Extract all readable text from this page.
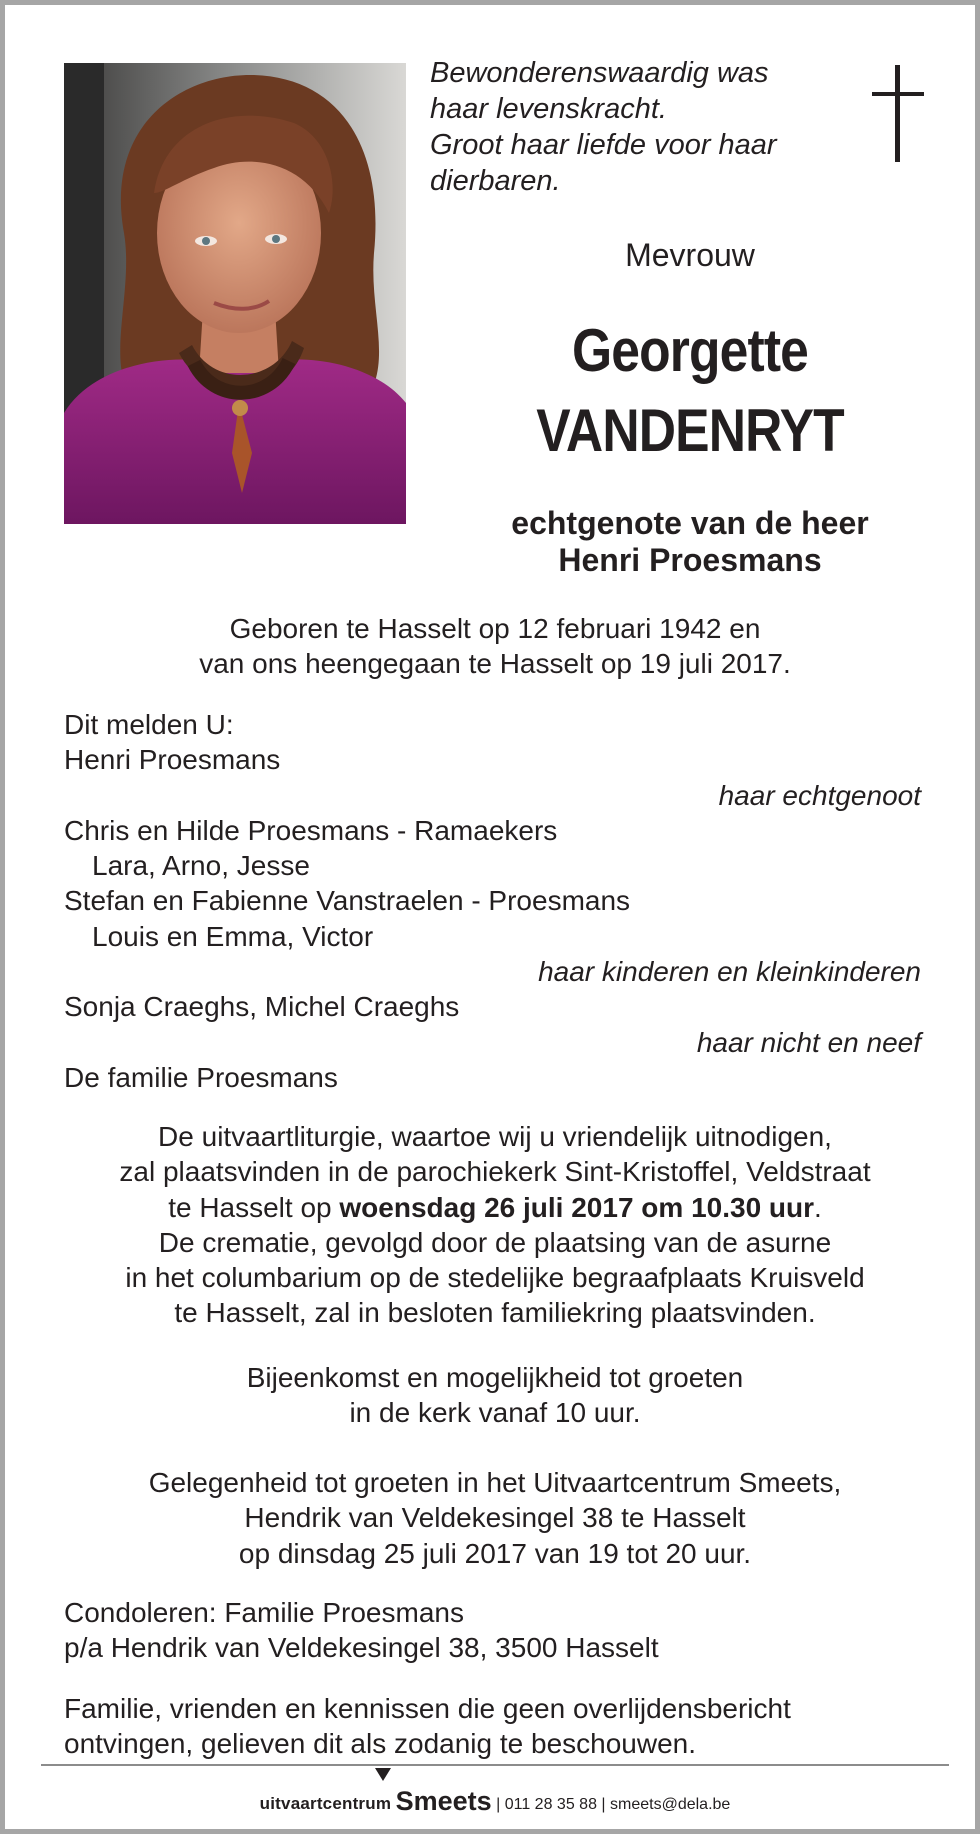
Bewonderenswaardig was
haar levenskracht.
Groot haar liefde voor haar
dierbaren.
Mevrouw
Georgette
VANDENRYT
echtgenote van de heer
Henri Proesmans
Geboren te Hasselt op 12 februari 1942 en
van ons heengegaan te Hasselt op 19 juli 2017.
Dit melden U:
Henri Proesmans
haar echtgenoot
Chris en Hilde Proesmans - Ramaekers
Lara, Arno, Jesse
Stefan en Fabienne Vanstraelen - Proesmans
Louis en Emma, Victor
haar kinderen en kleinkinderen
Sonja Craeghs, Michel Craeghs
haar nicht en neef
De familie Proesmans
De uitvaartliturgie, waartoe wij u vriendelijk uitnodigen,
zal plaatsvinden in de parochiekerk Sint-Kristoffel, Veldstraat
te Hasselt op woensdag 26 juli 2017 om 10.30 uur.
De crematie, gevolgd door de plaatsing van de asurne
in het columbarium op de stedelijke begraafplaats Kruisveld
te Hasselt, zal in besloten familiekring plaatsvinden.
Bijeenkomst en mogelijkheid tot groeten
in de kerk vanaf 10 uur.
Gelegenheid tot groeten in het Uitvaartcentrum Smeets,
Hendrik van Veldekesingel 38 te Hasselt
op dinsdag 25 juli 2017 van 19 tot 20 uur.
Condoleren: Familie Proesmans
p/a Hendrik van Veldekesingel 38, 3500 Hasselt
Familie, vrienden en kennissen die geen overlijdensbericht
ontvingen, gelieven dit als zodanig te beschouwen.
uitvaartcentrum Smeets | 011 28 35 88 | smeets@dela.be
